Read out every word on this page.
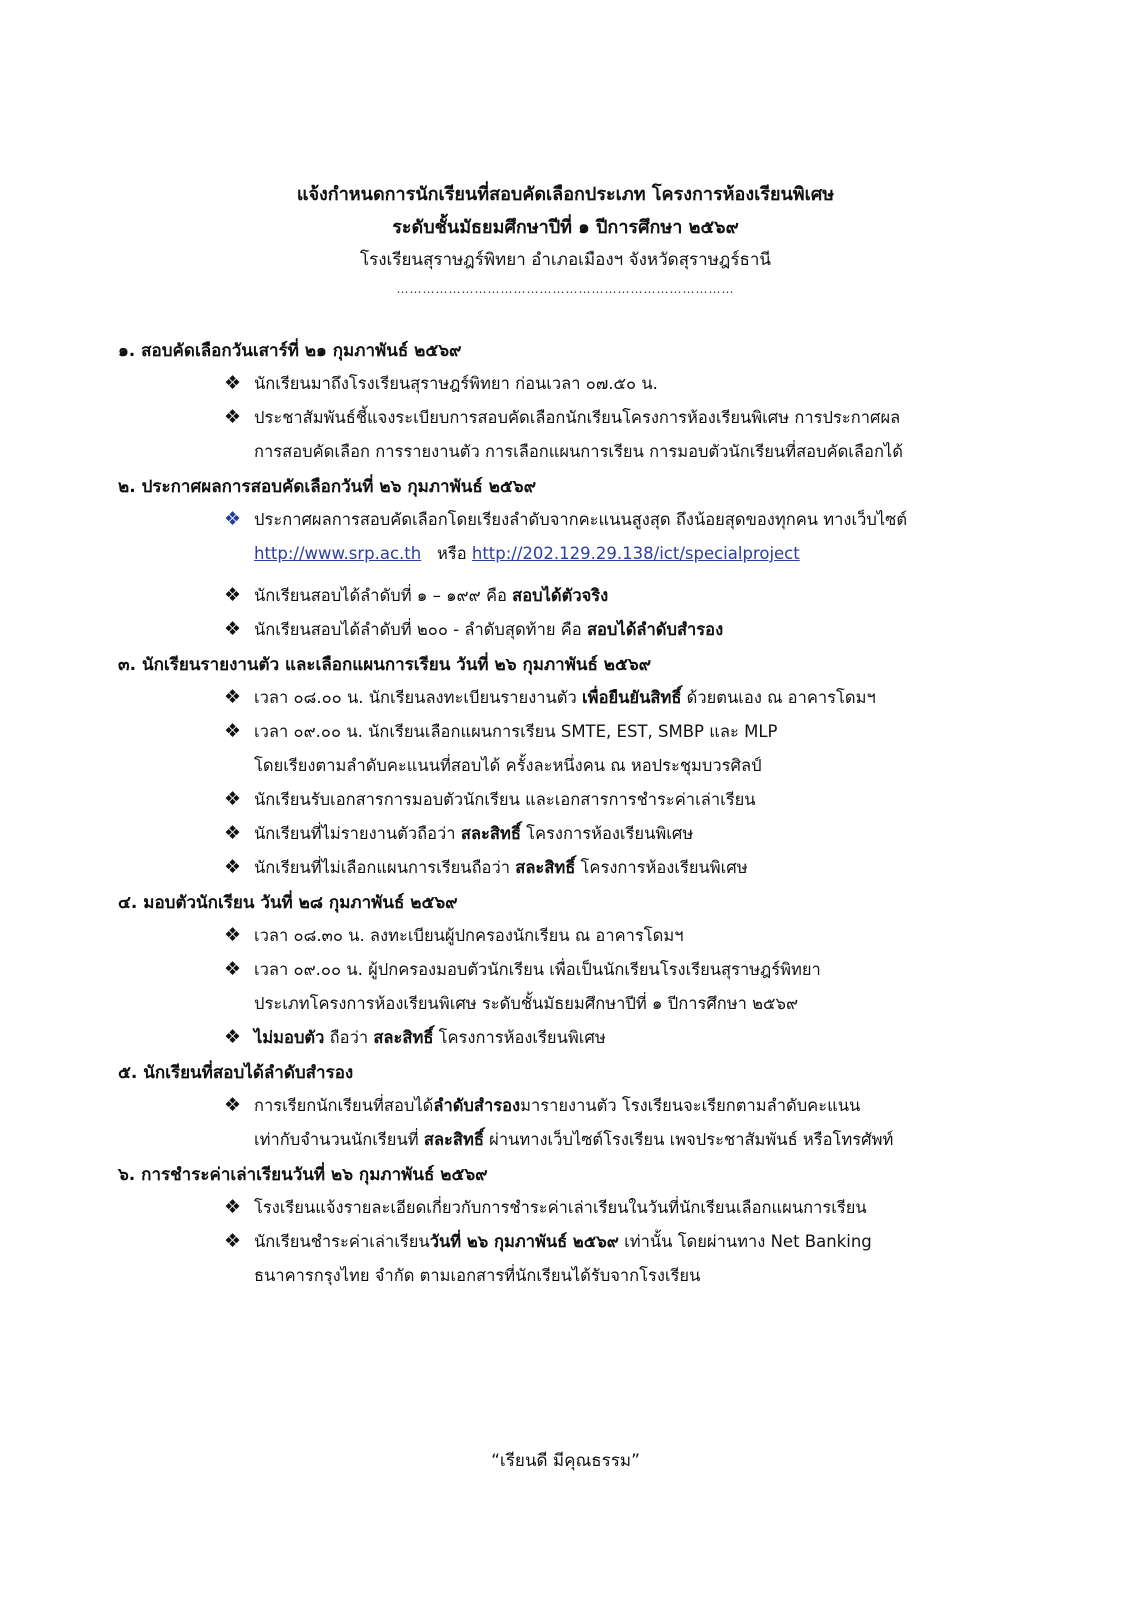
แจ้งกำหนดการนักเรียนที่สอบคัดเลือกประเภท โครงการห้องเรียนพิเศษ
ระดับชั้นมัธยมศึกษาปีที่ ๑ ปีการศึกษา ๒๕๖๙
โรงเรียนสุราษฎร์พิทยา อำเภอเมืองฯ จังหวัดสุราษฎร์ธานี
……………………………………………………………………
๑. สอบคัดเลือกวันเสาร์ที่ ๒๑ กุมภาพันธ์ ๒๕๖๙
❖ นักเรียนมาถึงโรงเรียนสุราษฎร์พิทยา ก่อนเวลา ๐๗.๕๐ น.
❖ ประชาสัมพันธ์ชี้แจงระเบียบการสอบคัดเลือกนักเรียนโครงการห้องเรียนพิเศษ การประกาศผล
การสอบคัดเลือก การรายงานตัว การเลือกแผนการเรียน การมอบตัวนักเรียนที่สอบคัดเลือกได้
๒. ประกาศผลการสอบคัดเลือกวันที่ ๒๖ กุมภาพันธ์ ๒๕๖๙
❖ ประกาศผลการสอบคัดเลือกโดยเรียงลำดับจากคะแนนสูงสุด ถึงน้อยสุดของทุกคน ทางเว็บไซต์
http://www.srp.ac.th หรือ http://202.129.29.138/ict/specialproject
❖ นักเรียนสอบได้ลำดับที่ ๑ – ๑๙๙ คือ สอบได้ตัวจริง
❖ นักเรียนสอบได้ลำดับที่ ๒๐๐ - ลำดับสุดท้าย คือ สอบได้ลำดับสำรอง
๓. นักเรียนรายงานตัว และเลือกแผนการเรียน วันที่ ๒๖ กุมภาพันธ์ ๒๕๖๙
❖ เวลา ๐๘.๐๐ น. นักเรียนลงทะเบียนรายงานตัว เพื่อยืนยันสิทธิ์ ด้วยตนเอง ณ อาคารโดมฯ
❖ เวลา ๐๙.๐๐ น. นักเรียนเลือกแผนการเรียน SMTE, EST, SMBP และ MLP
โดยเรียงตามลำดับคะแนนที่สอบได้ ครั้งละหนึ่งคน ณ หอประชุมบวรศิลป์
❖ นักเรียนรับเอกสารการมอบตัวนักเรียน และเอกสารการชำระค่าเล่าเรียน
❖ นักเรียนที่ไม่รายงานตัวถือว่า สละสิทธิ์ โครงการห้องเรียนพิเศษ
❖ นักเรียนที่ไม่เลือกแผนการเรียนถือว่า สละสิทธิ์ โครงการห้องเรียนพิเศษ
๔. มอบตัวนักเรียน วันที่ ๒๘ กุมภาพันธ์ ๒๕๖๙
❖ เวลา ๐๘.๓๐ น. ลงทะเบียนผู้ปกครองนักเรียน ณ อาคารโดมฯ
❖ เวลา ๐๙.๐๐ น. ผู้ปกครองมอบตัวนักเรียน เพื่อเป็นนักเรียนโรงเรียนสุราษฎร์พิทยา
ประเภทโครงการห้องเรียนพิเศษ ระดับชั้นมัธยมศึกษาปีที่ ๑ ปีการศึกษา ๒๕๖๙
❖ ไม่มอบตัว ถือว่า สละสิทธิ์ โครงการห้องเรียนพิเศษ
๕. นักเรียนที่สอบได้ลำดับสำรอง
❖ การเรียกนักเรียนที่สอบได้ลำดับสำรองมารายงานตัว โรงเรียนจะเรียกตามลำดับคะแนน
เท่ากับจำนวนนักเรียนที่ สละสิทธิ์ ผ่านทางเว็บไซต์โรงเรียน เพจประชาสัมพันธ์ หรือโทรศัพท์
๖. การชำระค่าเล่าเรียนวันที่ ๒๖ กุมภาพันธ์ ๒๕๖๙
❖ โรงเรียนแจ้งรายละเอียดเกี่ยวกับการชำระค่าเล่าเรียนในวันที่นักเรียนเลือกแผนการเรียน
❖ นักเรียนชำระค่าเล่าเรียนวันที่ ๒๖ กุมภาพันธ์ ๒๕๖๙ เท่านั้น โดยผ่านทาง Net Banking
ธนาคารกรุงไทย จำกัด ตามเอกสารที่นักเรียนได้รับจากโรงเรียน
“เรียนดี มีคุณธรรม”
